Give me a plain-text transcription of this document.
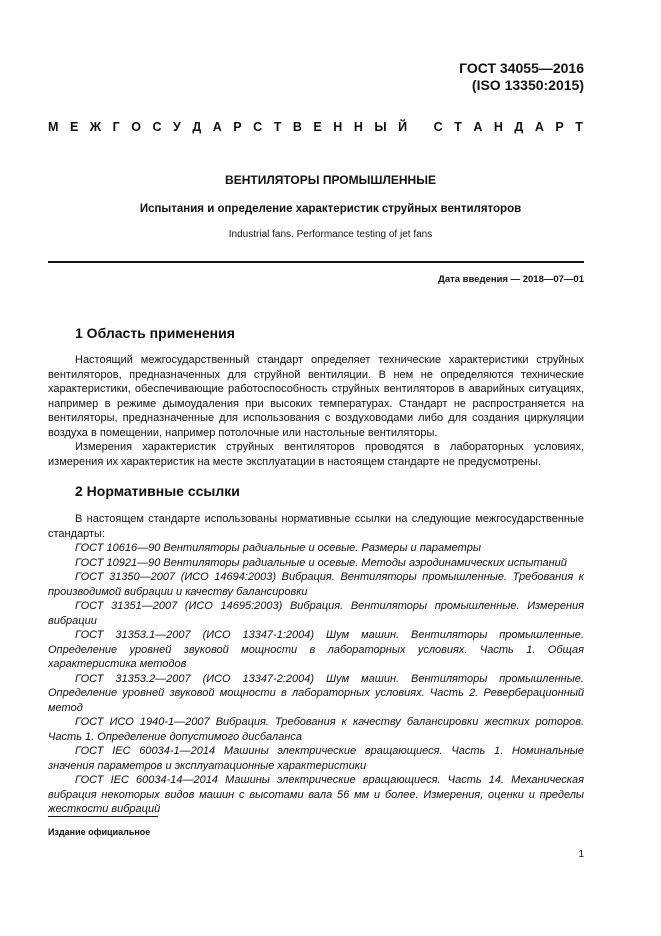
ГОСТ 34055—2016
(ISO 13350:2015)
М Е Ж Г О С У Д А Р С Т В Е Н Н Ы Й
С Т А Н Д А Р Т
ВЕНТИЛЯТОРЫ ПРОМЫШЛЕННЫЕ
Испытания и определение характеристик струйных вентиляторов
Industrial fans. Performance testing of jet fans
Дата введения — 2018—07—01
1 Область применения

Настоящий межгосударственный стандарт определяет технические характеристики струйных вентиляторов, предназначенных для струйной вентиляции. В нем не определяются технические характеристики, обеспечивающие работоспособность струйных вентиляторов в аварийных ситуациях, например в режиме дымоудаления при высоких температурах. Стандарт не распространяется на вентиляторы, предназначенные для использования с воздуховодами либо для создания циркуляции воздуха в помещении, например потолочные или настольные вентиляторы.

Измерения характеристик струйных вентиляторов проводятся в лабораторных условиях, измерения их характеристик на месте эксплуатации в настоящем стандарте не предусмотрены.

2 Нормативные ссылки

В настоящем стандарте использованы нормативные ссылки на следующие межгосударственные стандарты:

ГОСТ 10616—90 Вентиляторы радиальные и осевые. Размеры и параметры

ГОСТ 10921—90 Вентиляторы радиальные и осевые. Методы аэродинамических испытаний

ГОСТ 31350—2007 (ИСО 14694:2003) Вибрация. Вентиляторы промышленные. Требования к производимой вибрации и качеству балансировки

ГОСТ 31351—2007 (ИСО 14695:2003) Вибрация. Вентиляторы промышленные. Измерения вибрации

ГОСТ 31353.1—2007 (ИСО 13347-1:2004) Шум машин. Вентиляторы промышленные. Определение уровней звуковой мощности в лабораторных условиях. Часть 1. Общая характеристика методов

ГОСТ 31353.2—2007 (ИСО 13347-2:2004) Шум машин. Вентиляторы промышленные. Определение уровней звуковой мощности в лабораторных условиях. Часть 2. Реверберационный метод

ГОСТ ИСО 1940-1—2007 Вибрация. Требования к качеству балансировки жестких роторов. Часть 1. Определение допустимого дисбаланса

ГОСТ IEC 60034-1—2014 Машины электрические вращающиеся. Часть 1. Номинальные значения параметров и эксплуатационные характеристики

ГОСТ IEC 60034-14—2014 Машины электрические вращающиеся. Часть 14. Механическая вибрация некоторых видов машин с высотами вала 56 мм и более. Измерения, оценки и пределы жесткости вибраций

Издание официальное
1
